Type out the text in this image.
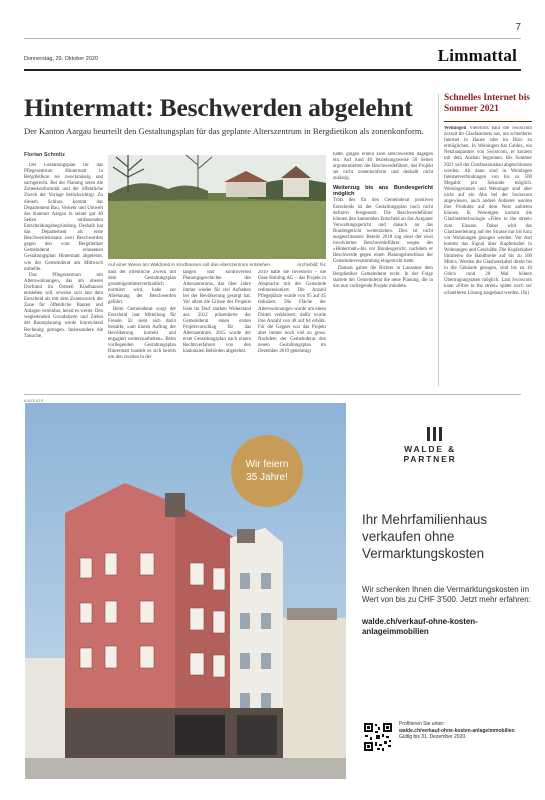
7
Donnerstag, 29. Oktober 2020	Limmattal
Hintermatt: Beschwerden abgelehnt
Der Kanton Aargau beurteilt den Gestaltungsplan für das geplante Alterszentrum in Bergdietikon als zonenkonform.
Florian Schmitz

Der Gestaltungsplan für das Pflegezentrum Hintermatt in Bergdietikon sei zweckmässig und sachgerecht. Bei der Planung seien die Zonenkonformität und der öffentliche Zweck der Vorlage berücksichtigt. Zu diesem Schluss kommt das Departement Bau, Verkehr und Umwelt des Kantons Aargau in seiner gut 40 Seiten umfassenden Entscheidungsbegründung. Deshalb hat das Departement als erste Beschwerdeinstanz zwei Beschwerden gegen den vom Bergdietiker Gemeinderat erlassenen Gestaltungsplan Hintermatt abgelehnt, wie der Gemeinderat am Mittwoch mitteilte.

Das Pflegezentrum mit Alterswohnungen, das am oberen Dorfrand im Ortsteil Kindhausen entstehen soll, erweise sich laut dem Entscheid als mit dem Zonenzweck der Zone für öffentliche Bauten und Anlagen vereinbar, heisst es weiter. Den wegleitenden Grundsätzen und Zielen der Raumplanung werde hinreichend Rechnung getragen. Insbesondere die Tatsache,

Archivbild: fsc
Auf einer Wiese am Waldrand in Kindhausen soll das Alterszentrum entstehen.

dass der öffentliche Zweck mit dem Gestaltungsplan grundeigentümerverbindlich normiert wird, habe zur Ablehnung der Beschwerden geführt.

Beim Gemeinderat sorgt der Entscheid laut Mitteilung für Freude. Er sieht sich darin bestärkt, «um klaren Auftrag der Bevölkerung korrekt und engagiert weiterzuarbeiten». Beim vorliegenden Gestaltungsplan Hintermatt handelt es sich bereits um den zweiten in der

langen und kontroversen Planungsgeschichte des Alterszentrums, das über Jahre immer wieder für viel Aufsehen bei der Bevölkerung gesorgt hat. Vor allem die Grösse des Projekts löste im Dorf starken Widerstand aus. 2012 präsentierte der Gemeinderat einen ersten Projektvorschlag für das Alterszentrum. 2015 wurde der erste Gestaltungsplan nach einem Rechtsverfahren von den kantonalen Behörden abgelehnt.

2019 hatte die Investorin – die Oase Holding AG – das Projekt in Absprache mit der Gemeinde redimensioniert. Die Anzahl Pflegeplätze wurde von 95 auf 45 reduziert. Die Fläche der Alterswohnungen wurde um einen Drittel verkleinert, dafür wurde ihre Anzahl von 48 auf 64 erhöht. Für die Gegner war das Projekt aber immer noch viel zu gross. Nachdem der Gemeinderat den neuen Gestaltungsplan im Dezember 2019 genehmigt

hatte, gingen erneut zwei Beschwerden dagegen ein. Auf rund 40 beziehungsweise 50 Seiten argumentierten die Beschwerdeführer, das Projekt sei nicht zonenkonform und deshalb nicht zulässig.

Weiterzug bis ans Bundesgericht möglich

Trotz des für den Gemeinderat positiven Entscheids ist der Gestaltungsplan noch nicht definitiv festgesetzt. Die Beschwerdeführer können den kantonalen Entscheid an das Aargauer Verwaltungsgericht und danach an das Bundesgericht weiterziehen. Dies ist nicht ausgeschlossen: Bereits 2018 zog einer der zwei involvierten Beschwerdeführer wegen des «Hintermatt»-bis vor Bundesgericht, nachdem er Beschwerde gegen einen Planungsbeschluss der Gemeindeversammlung eingereicht hatte.

Damals gaben die Richter in Lausanne dem Bergdietiker Gemeinderat recht. In der Folge startete der Gemeinderat die neue Planung, die in das nun vorliegende Projekt mündete.

Schnelles Internet bis Sommer 2021
Weiningen Vielerorts baut die Swisscom zurzeit ihr Glasfasernetz aus, um schnelleres Internet in Hause oder im Büro zu ermöglichen. In Weiningen hat Cablex, ein Netzbaupartner von Swisscom, er kurzem mit dem Ausbau begonnen. Bis Sommer 2021 soll der Glasfaserausbau abgeschlossen werden. Ab dann sind in Weiningen Internetverbindungen von bis zu 500 Megabit pro Sekunde möglich. Weiningerinnen und Weininger sind aber nicht auf ein Abo bei der Swisscom angewiesen, auch andere Anbieter werden ihre Produkte auf dem Netz anbieten können. In Weiningen kommt die Glasfasertechnologie «Fibre to the street» zum Einsatz. Dabei wird das Glasfaserleitung auf der Strasse nur bis kurz vor Wohnungen gezogen werden. Vor dort kommt das Signal über Kupferkabel in Wohnungen und Geschäfte. Die Kupferkabel limitieren die Bandbreite auf bis zu 500 Mbit/s. Werden die Glasfaserkabel direkt bis in die Gebäude gezogen, sind bis zu 10 Gbit/s rund 20 Mal höhere Übertragungsraten möglich. Laut Swisscom kann «Fibre to the street» später noch zur schnelleren Lösung ausgebaut werden. (fsi)
ANZEIGE
Wir feiern
35 Jahre!
WALDE & PARTNER
Ihr Mehrfamilienhaus verkaufen ohne Vermarktungskosten
Wir schenken Ihnen die Vermarktungskosten im Wert von bis zu CHF 3'500. Jetzt mehr erfahren:
walde.ch/verkauf-ohne-kosten-anlageimmobilien
Profitieren Sie unter:
walde.ch/verkauf-ohne-kosten-anlageimmobilien
Gültig bis 31. Dezember 2020.
